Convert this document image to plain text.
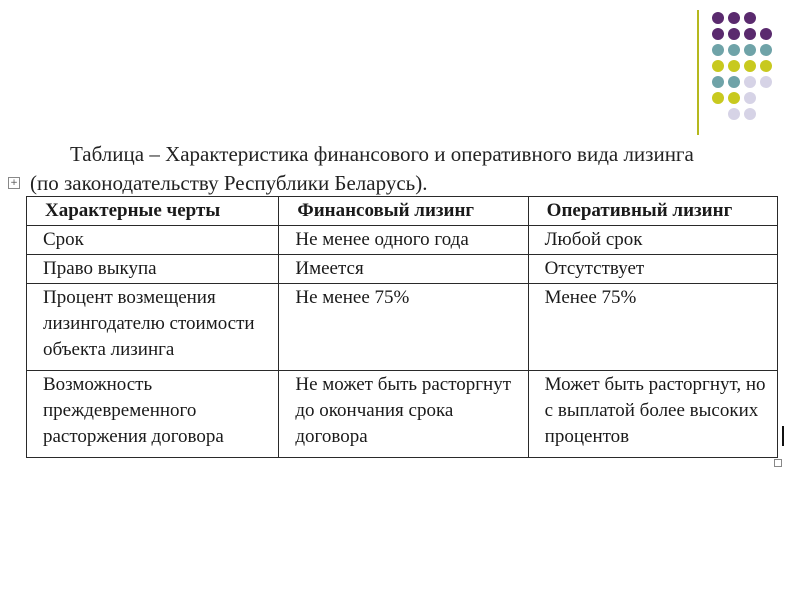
Таблица – Характеристика финансового и оперативного вида лизинга
(по законодательству Республики Беларусь).
+
Характерные черты	Финансовый лизинг	Оперативный лизинг
Срок	Не менее одного года	Любой срок
Право выкупа	Имеется	Отсутствует
Процент возмещения лизингодателю стоимости объекта лизинга	Не менее 75%	Менее 75%
Возможность преждевременного расторжения договора	Не может быть расторгнут до окончания срока договора	Может быть расторгнут, но с выплатой более высоких процентов
